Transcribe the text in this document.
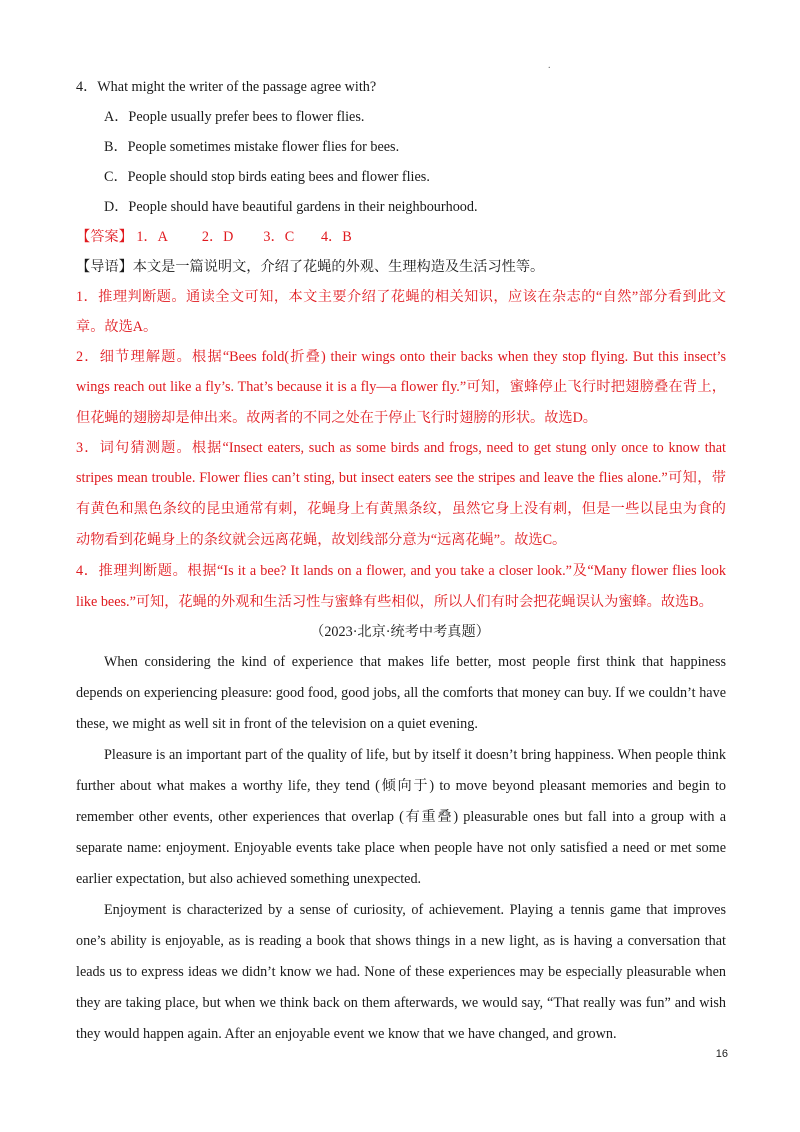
.
4．What might the writer of the passage agree with?
A．People usually prefer bees to flower flies.
B．People sometimes mistake flower flies for bees.
C．People should stop birds eating bees and flower flies.
D．People should have beautiful gardens in their neighbourhood.
【答案】 1．A 2．D 3．C 4．B
【导语】本文是一篇说明文，介绍了花蝇的外观、生理构造及生活习性等。
1．推理判断题。通读全文可知，本文主要介绍了花蝇的相关知识，应该在杂志的“自然”部分看到此文
章。故选A。
2．细节理解题。根据“Bees fold(折叠) their wings onto their backs when they stop flying. But this insect’s
wings reach out like a fly’s. That’s because it is a fly—a flower fly.”可知，蜜蜂停止飞行时把翅膀叠在背上，
但花蝇的翅膀却是伸出来。故两者的不同之处在于停止飞行时翅膀的形状。故选D。
3．词句猜测题。根据“Insect eaters, such as some birds and frogs, need to get stung only once to know that
stripes mean trouble. Flower flies can’t sting, but insect eaters see the stripes and leave the flies alone.”可知，带
有黄色和黑色条纹的昆虫通常有刺，花蝇身上有黄黑条纹，虽然它身上没有刺，但是一些以昆虫为食的
动物看到花蝇身上的条纹就会远离花蝇，故划线部分意为“远离花蝇”。故选C。
4．推理判断题。根据“Is it a bee? It lands on a flower, and you take a closer look.”及“Many flower flies look
like bees.”可知，花蝇的外观和生活习性与蜜蜂有些相似，所以人们有时会把花蝇误认为蜜蜂。故选B。
（2023·北京·统考中考真题）
When considering the kind of experience that makes life better, most people first think that happiness
depends on experiencing pleasure: good food, good jobs, all the comforts that money can buy. If we couldn’t have
these, we might as well sit in front of the television on a quiet evening.
Pleasure is an important part of the quality of life, but by itself it doesn’t bring happiness. When people think
further about what makes a worthy life, they tend (倾向于) to move beyond pleasant memories and begin to
remember other events, other experiences that overlap (有重叠) pleasurable ones but fall into a group with a
separate name: enjoyment. Enjoyable events take place when people have not only satisfied a need or met some
earlier expectation, but also achieved something unexpected.
Enjoyment is characterized by a sense of curiosity, of achievement. Playing a tennis game that improves
one’s ability is enjoyable, as is reading a book that shows things in a new light, as is having a conversation that
leads us to express ideas we didn’t know we had. None of these experiences may be especially pleasurable when
they are taking place, but when we think back on them afterwards, we would say, “That really was fun” and wish
they would happen again. After an enjoyable event we know that we have changed, and grown.
16
